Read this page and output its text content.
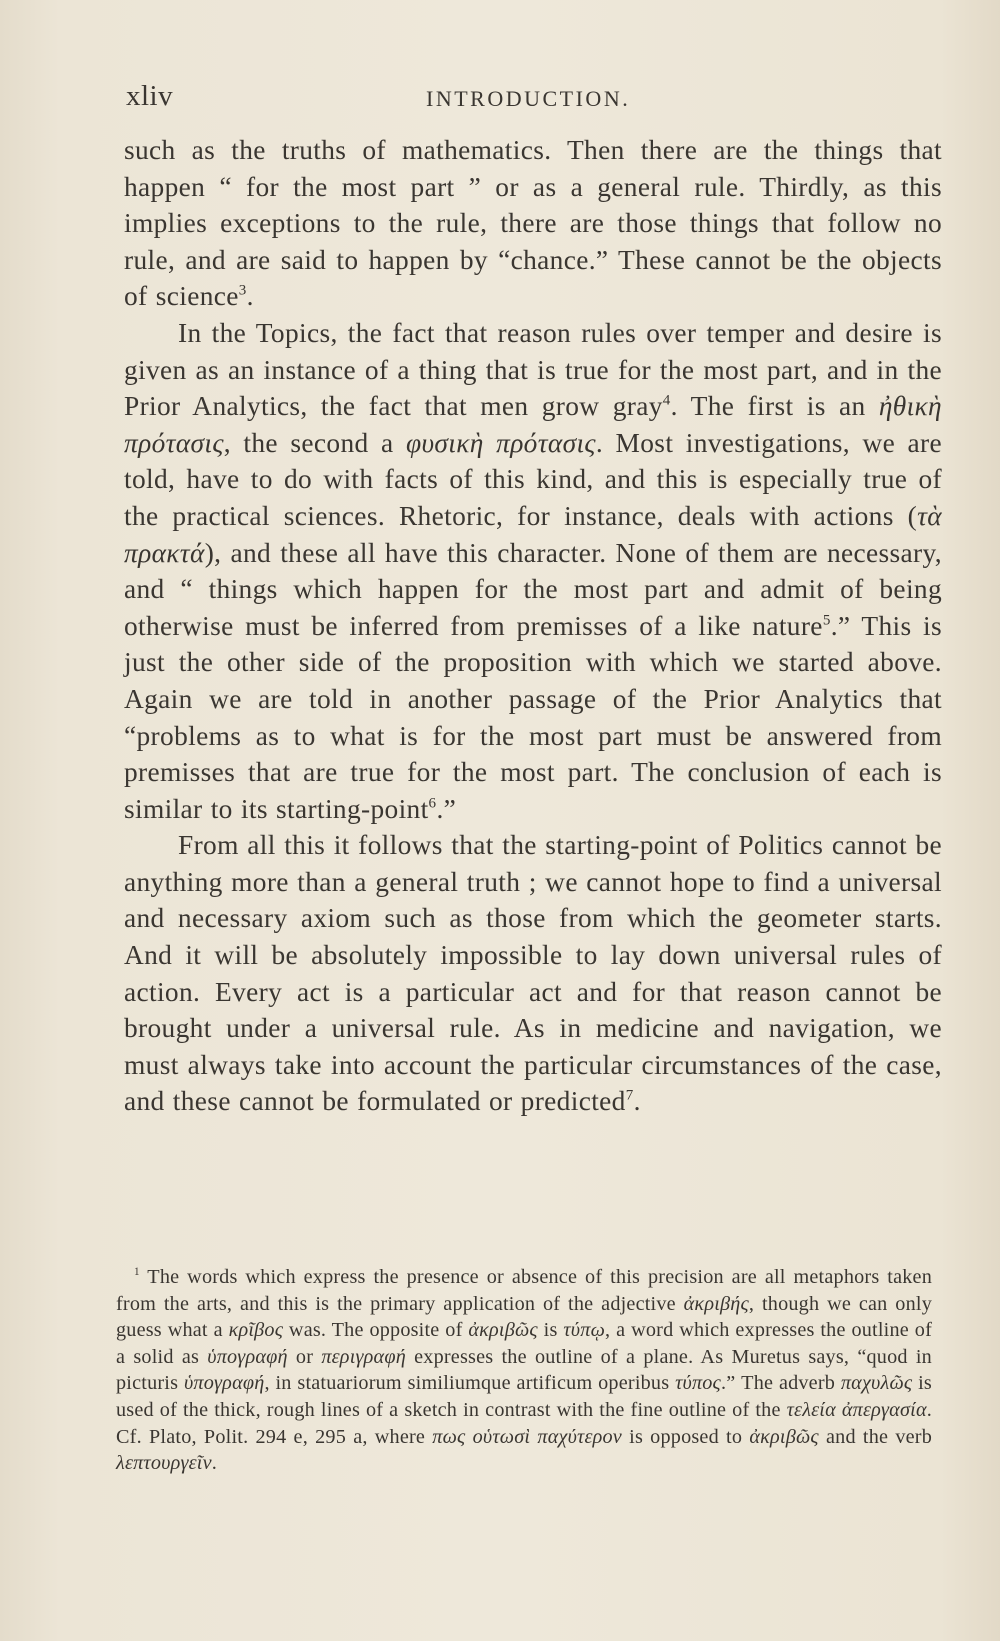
xliv	INTRODUCTION.

such as the truths of mathematics. Then there are the things that happen “ for the most part ” or as a general rule. Thirdly, as this implies exceptions to the rule, there are those things that follow no rule, and are said to happen by “chance.” These cannot be the objects of science$^3$.

In the Topics, the fact that reason rules over temper and desire is given as an instance of a thing that is true for the most part, and in the Prior Analytics, the fact that men grow gray$^4$. The first is an ἠθικὴ πρότασις, the second a φυσικὴ πρότασις. Most investigations, we are told, have to do with facts of this kind, and this is especially true of the practical sciences. Rhetoric, for instance, deals with actions (τὰ πρακτά), and these all have this character. None of them are necessary, and “ things which happen for the most part and admit of being otherwise must be inferred from premisses of a like nature$^5$.” This is just the other side of the proposition with which we started above. Again we are told in another passage of the Prior Analytics that “problems as to what is for the most part must be answered from premisses that are true for the most part. The conclusion of each is similar to its starting-point$^6$.”

From all this it follows that the starting-point of Politics cannot be anything more than a general truth ; we cannot hope to find a universal and necessary axiom such as those from which the geometer starts. And it will be absolutely impossible to lay down universal rules of action. Every act is a particular act and for that reason cannot be brought under a universal rule. As in medicine and navigation, we must always take into account the particular circumstances of the case, and these cannot be formulated or predicted$^7$.

$^1$ The words which express the presence or absence of this precision are all metaphors taken from the arts, and this is the primary application of the adjective ἀκριβής, though we can only guess what a κρῖβος was. The opposite of ἀκριβῶς is τύπῳ, a word which expresses the outline of a solid as ὑπογραφή or περιγραφή expresses the outline of a plane. As Muretus says, “quod in picturis ὑπογραφή, in statuariorum similiumque artificum operibus τύπος.” The adverb παχυλῶς is used of the thick, rough lines of a sketch in contrast with the fine outline of the τελεία ἀπεργασία. Cf. Plato, Polit. 294 e, 295 a, where πως οὑτωσὶ παχύτερον is opposed to ἀκριβῶς and the verb λεπτουργεῖν.
